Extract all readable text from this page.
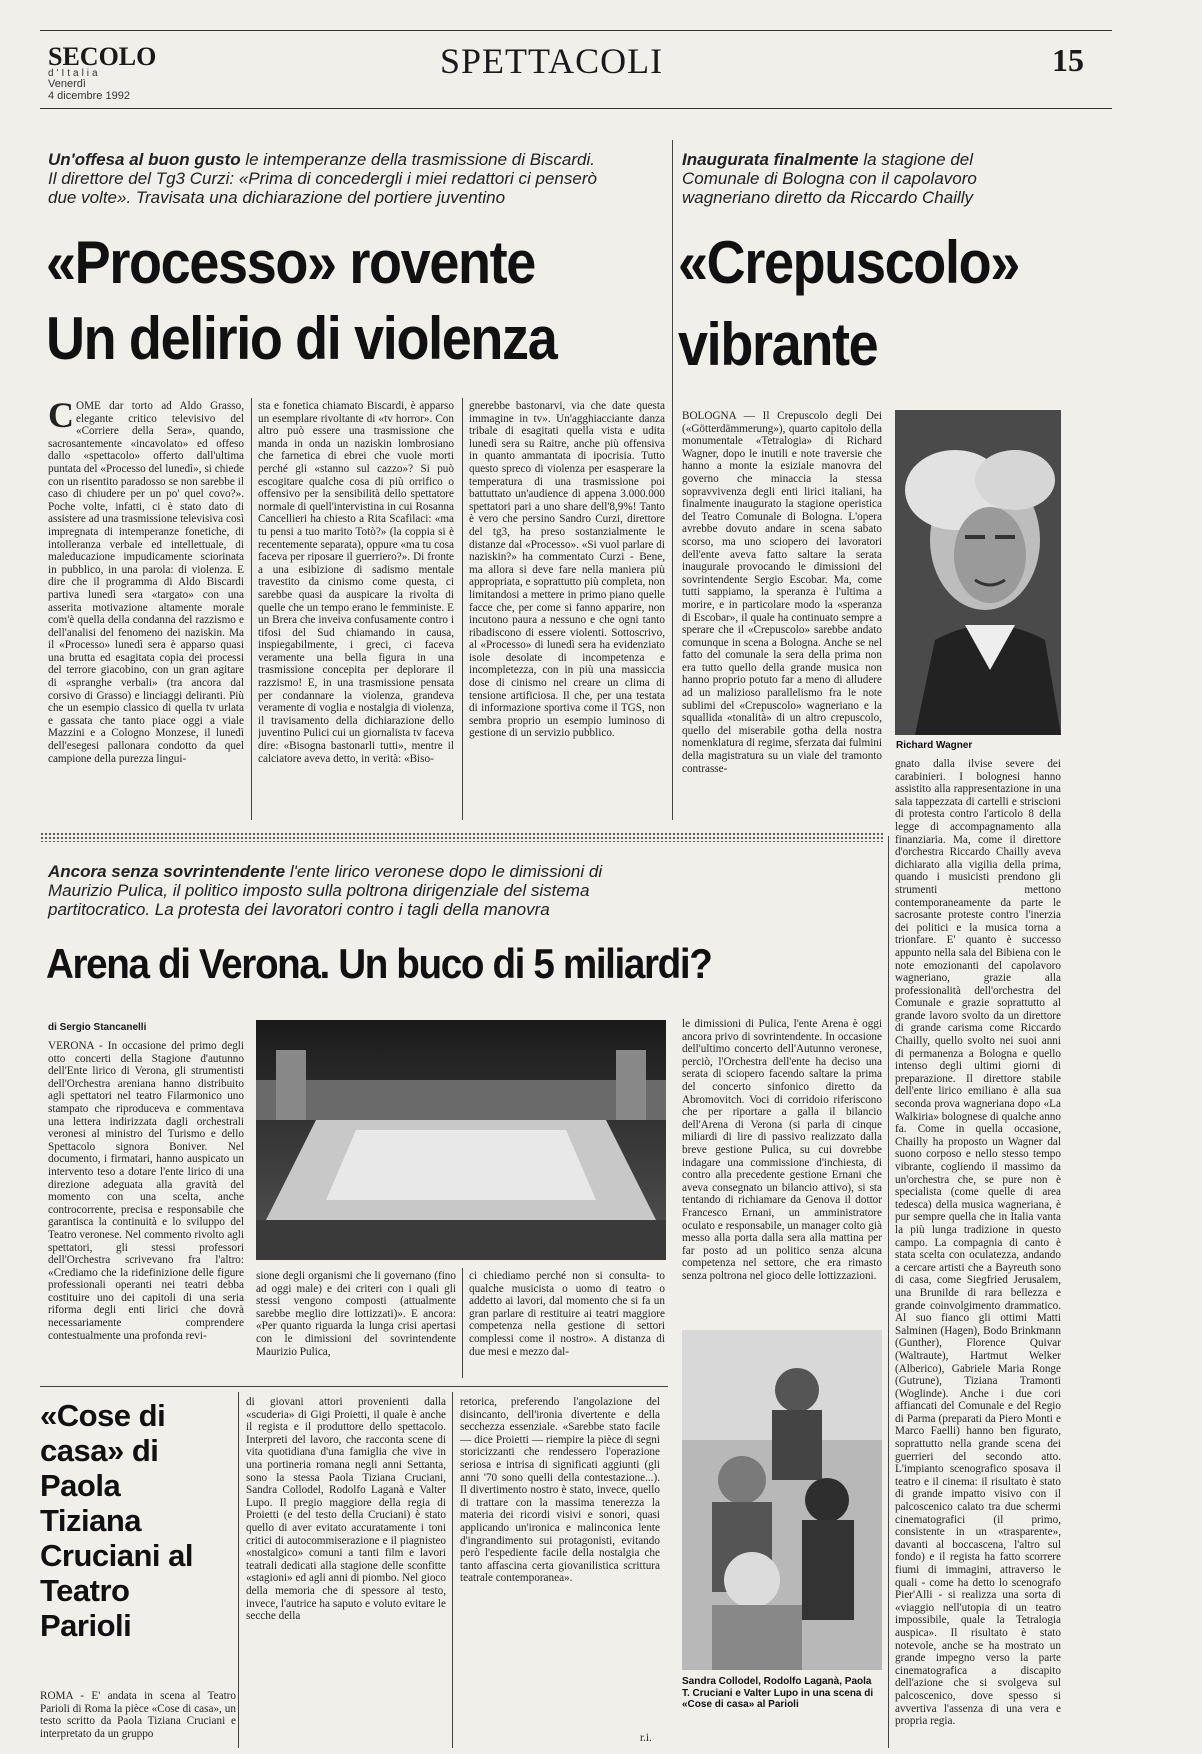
SECOLO
d'Italia
Venerdì
4 dicembre 1992
SPETTACOLI	15
Un'offesa al buon gusto le intemperanze della trasmissione di Biscardi. Il direttore del Tg3 Curzi: «Prima di concedergli i miei redattori ci penserò due volte». Travisata una dichiarazione del portiere juventino
«Processo» rovente
Un delirio di violenza
COME dar torto ad Aldo Grasso, elegante critico televisivo del «Corriere della Sera», quando, sacrosantemente «incavolato» ed offeso dallo «spettacolo» offerto dall'ultima puntata del «Processo del lunedì», si chiede con un risentito paradosso se non sarebbe il caso di chiudere per un po' quel covo?». Poche volte, infatti, ci è stato dato di assistere ad una trasmissione televisiva così impregnata di intemperanze fonetiche, di intolleranza verbale ed intellettuale, di maleducazione impudicamente sciorinata in pubblico, in una parola: di violenza. E dire che il programma di Aldo Biscardi partiva lunedì sera «targato» con una asserita motivazione altamente morale com'è quella della condanna del razzismo e dell'analisi del fenomeno dei naziskin. Ma il «Processo» lunedì sera è apparso quasi una brutta ed esagitata copia dei processi del terrore giacobino, con un gran agitare di «spranghe verbali» (tra ancora dal corsivo di Grasso) e linciaggi deliranti. Più che un esempio classico di quella tv urlata e gassata che tanto piace oggi a viale Mazzini e a Cologno Monzese, il lunedì dell'esegesi pallonara condotto da quel campione della purezza lingui-
sta e fonetica chiamato Biscardi, è apparso un esemplare rivoltante di «tv horror». Con altro può essere una trasmissione che manda in onda un naziskin lombrosiano che farnetica di ebrei che vuole morti perché gli «stanno sul cazzo»? Si può escogitare qualche cosa di più orrifico o offensivo per la sensibilità dello spettatore normale di quell'intervistina in cui Rosanna Cancellieri ha chiesto a Rita Scafilaci: «ma tu pensi a tuo marito Totò?» (la coppia si è recentemente separata), oppure «ma tu cosa faceva per riposare il guerriero?». Di fronte a una esibizione di sadismo mentale travestito da cinismo come questa, ci sarebbe quasi da auspicare la rivolta di quelle che un tempo erano le femministe. E un Brera che inveiva confusamente contro i tifosi del Sud chiamando in causa, inspiegabilmente, i greci, ci faceva veramente una bella figura in una trasmissione concepita per deplorare il razzismo! E, in una trasmissione pensata per condannare la violenza, grandeva veramente di voglia e nostalgia di violenza, il travisamento della dichiarazione dello juventino Pulici cui un giornalista tv faceva dire: «Bisogna bastonarli tutti», mentre il calciatore aveva detto, in verità: «Biso-
gnerebbe bastonarvi, via che date questa immagine in tv». Un'agghiacciante danza tribale di esagitati quella vista e udita lunedì sera su Raitre, anche più offensiva in quanto ammantata di ipocrisia. Tutto questo spreco di violenza per esasperare la temperatura di una trasmissione poi battuttato un'audience di appena 3.000.000 spettatori pari a uno share dell'8,9%! Tanto è vero che persino Sandro Curzi, direttore del tg3, ha preso sostanzialmente le distanze dal «Processo». «Si vuol parlare di naziskin?» ha commentato Curzi - Bene, ma allora si deve fare nella maniera più appropriata, e soprattutto più completa, non limitandosi a mettere in primo piano quelle facce che, per come si fanno apparire, non incutono paura a nessuno e che ogni tanto ribadiscono di essere violenti. Sottoscrivo, al «Processo» di lunedì sera ha evidenziato isole desolate di incompetenza e incompletezza, con in più una massiccia dose di cinismo nel creare un clima di tensione artificiosa. Il che, per una testata di informazione sportiva come il TGS, non sembra proprio un esempio luminoso di gestione di un servizio pubblico.
Inaugurata finalmente la stagione del Comunale di Bologna con il capolavoro wagneriano diretto da Riccardo Chailly
«Crepuscolo»
vibrante
BOLOGNA — Il Crepuscolo degli Dei («Götterdämmerung»), quarto capitolo della monumentale «Tetralogia» di Richard Wagner, dopo le inutili e note traversie che hanno a monte la esiziale manovra del governo che minaccia la stessa sopravvivenza degli enti lirici italiani, ha finalmente inaugurato la stagione operistica del Teatro Comunale di Bologna. L'opera avrebbe dovuto andare in scena sabato scorso, ma uno sciopero dei lavoratori dell'ente aveva fatto saltare la serata inaugurale provocando le dimissioni del sovrintendente Sergio Escobar. Ma, come tutti sappiamo, la speranza è l'ultima a morire, e in particolare modo la «speranza di Escobar», il quale ha continuato sempre a sperare che il «Crepuscolo» sarebbe andato comunque in scena a Bologna. Anche se nel fatto del comunale la sera della prima non era tutto quello della grande musica non hanno proprio potuto far a meno di alludere ad un malizioso parallelismo fra le note sublimi del «Crepuscolo» wagneriano e la squallida «tonalità» di un altro crepuscolo, quello del miserabile gotha della nostra nomenklatura di regime, sferzata dai fulmini della magistratura su un viale del tramonto contrasse-
Richard Wagner
gnato dalla ilvise severe dei carabinieri. I bolognesi hanno assistito alla rappresentazione in una sala tappezzata di cartelli e striscioni di protesta contro l'articolo 8 della legge di accompagnamento alla finanziaria. Ma, come il direttore d'orchestra Riccardo Chailly aveva dichiarato alla vigilia della prima, quando i musicisti prendono gli strumenti mettono contemporaneamente da parte le sacrosante proteste contro l'inerzia dei politici e la musica torna a trionfare. E' quanto è successo appunto nella sala del Bibiena con le note emozionanti del capolavoro wagneriano, grazie alla professionalità dell'orchestra del Comunale e grazie soprattutto al grande lavoro svolto da un direttore di grande carisma come Riccardo Chailly, quello svolto nei suoi anni di permanenza a Bologna e quello intenso degli ultimi giorni di preparazione. Il direttore stabile dell'ente lirico emiliano è alla sua seconda prova wagneriana dopo «La Walkiria» bolognese di qualche anno fa. Come in quella occasione, Chailly ha proposto un Wagner dal suono corposo e nello stesso tempo vibrante, cogliendo il massimo da un'orchestra che, se pure non è specialista (come quelle di area tedesca) della musica wagneriana, è pur sempre quella che in Italia vanta la più lunga tradizione in questo campo. La compagnia di canto è stata scelta con oculatezza, andando a cercare artisti che a Bayreuth sono di casa, come Siegfried Jerusalem, una Brunilde di rara bellezza e grande coinvolgimento drammatico. Al suo fianco gli ottimi Matti Salminen (Hagen), Bodo Brinkmann (Gunther), Florence Quivar (Waltraute), Hartmut Welker (Alberico), Gabriele Maria Ronge (Gutrune), Tiziana Tramonti (Woglinde). Anche i due cori affiancati del Comunale e del Regio di Parma (preparati da Piero Monti e Marco Faelli) hanno ben figurato, soprattutto nella grande scena dei guerrieri del secondo atto. L'impianto scenografico sposava il teatro e il cinema: il risultato è stato di grande impatto visivo con il palcoscenico calato tra due schermi cinematografici (il primo, consistente in un «trasparente», davanti al boccascena, l'altro sul fondo) e il regista ha fatto scorrere fiumi di immagini, attraverso le quali - come ha detto lo scenografo Pier'Alli - si realizza una sorta di «viaggio nell'utopia di un teatro impossibile, quale la Tetralogia auspica». Il risultato è stato notevole, anche se ha mostrato un grande impegno verso la parte cinematografica a discapito dell'azione che si svolgeva sul palcoscenico, dove spesso si avvertiva l'assenza di una vera e propria regia.
Ancora senza sovrintendente l'ente lirico veronese dopo le dimissioni di Maurizio Pulica, il politico imposto sulla poltrona dirigenziale del sistema partitocratico. La protesta dei lavoratori contro i tagli della manovra
Arena di Verona. Un buco di 5 miliardi?
di Sergio Stancanelli
VERONA - In occasione del primo degli otto concerti della Stagione d'autunno dell'Ente lirico di Verona, gli strumentisti dell'Orchestra areniana hanno distribuito agli spettatori nel teatro Filarmonico uno stampato che riproduceva e commentava una lettera indirizzata dagli orchestrali veronesi al ministro del Turismo e dello Spettacolo signora Boniver. Nel documento, i firmatari, hanno auspicato un intervento teso a dotare l'ente lirico di una direzione adeguata alla gravità del momento con una scelta, anche controcorrente, precisa e responsabile che garantisca la continuità e lo sviluppo del Teatro veronese. Nel commento rivolto agli spettatori, gli stessi professori dell'Orchestra scrivevano fra l'altro: «Crediamo che la ridefinizione delle figure professionali operanti nei teatri debba costituire uno dei capitoli di una seria riforma degli enti lirici che dovrà necessariamente comprendere contestualmente una profonda revi-
sione degli organismi che li governano (fino ad oggi male) e dei criteri con i quali gli stessi vengono composti (attualmente sarebbe meglio dire lottizzati)». E ancora: «Per quanto riguarda la lunga crisi apertasi con le dimissioni del sovrintendente Maurizio Pulica,
ci chiediamo perché non si consulta- to qualche musicista o uomo di teatro o addetto ai lavori, dal momento che si fa un gran parlare di restituire ai teatri maggiore competenza nella gestione di settori complessi come il nostro». A distanza di due mesi e mezzo dal-
le dimissioni di Pulica, l'ente Arena è oggi ancora privo di sovrintendente. In occasione dell'ultimo concerto dell'Autunno veronese, perciò, l'Orchestra dell'ente ha deciso una serata di sciopero facendo saltare la prima del concerto sinfonico diretto da Abromovitch. Voci di corridoio riferiscono che per riportare a galla il bilancio dell'Arena di Verona (si parla di cinque miliardi di lire di passivo realizzato dalla breve gestione Pulica, su cui dovrebbe indagare una commissione d'inchiesta, di contro alla precedente gestione Ernani che aveva consegnato un bilancio attivo), si sta tentando di richiamare da Genova il dottor Francesco Ernani, un amministratore oculato e responsabile, un manager colto già messo alla porta dalla sera alla mattina per far posto ad un politico senza alcuna competenza nel settore, che era rimasto senza poltrona nel gioco delle lottizzazioni.
«Cose di casa» di Paola Tiziana Cruciani al Teatro Parioli
ROMA - E' andata in scena al Teatro Parioli di Roma la pièce «Cose di casa», un testo scritto da Paola Tiziana Cruciani e interpretato da un gruppo
di giovani attori provenienti dalla «scuderia» di Gigi Proietti, il quale è anche il regista e il produttore dello spettacolo. Interpreti del lavoro, che racconta scene di vita quotidiana d'una famiglia che vive in una portineria romana negli anni Settanta, sono la stessa Paola Tiziana Cruciani, Sandra Collodel, Rodolfo Laganà e Valter Lupo. Il pregio maggiore della regia di Proietti (e del testo della Cruciani) è stato quello di aver evitato accuratamente i toni critici di autocommiserazione e il piagnisteo «nostalgico» comuni a tanti film e lavori teatrali dedicati alla stagione delle sconfitte «stagioni» ed agli anni di piombo. Nel gioco della memoria che di spessore al testo, invece, l'autrice ha saputo e voluto evitare le secche della
retorica, preferendo l'angolazione del disincanto, dell'ironia divertente e della secchezza essenziale. «Sarebbe stato facile — dice Proietti — riempire la pièce di segni storicizzanti che rendessero l'operazione seriosa e intrisa di significati aggiunti (gli anni '70 sono quelli della contestazione...). Il divertimento nostro è stato, invece, quello di trattare con la massima tenerezza la materia dei ricordi visivi e sonori, quasi applicando un'ironica e malinconica lente d'ingrandimento sui protagonisti, evitando però l'espediente facile della nostalgia che tanto affascina certa giovanilistica scrittura teatrale contemporanea».
r.i.
Sandra Collodel, Rodolfo Laganà, Paola T. Cruciani e Valter Lupo in una scena di «Cose di casa» al Parioli
